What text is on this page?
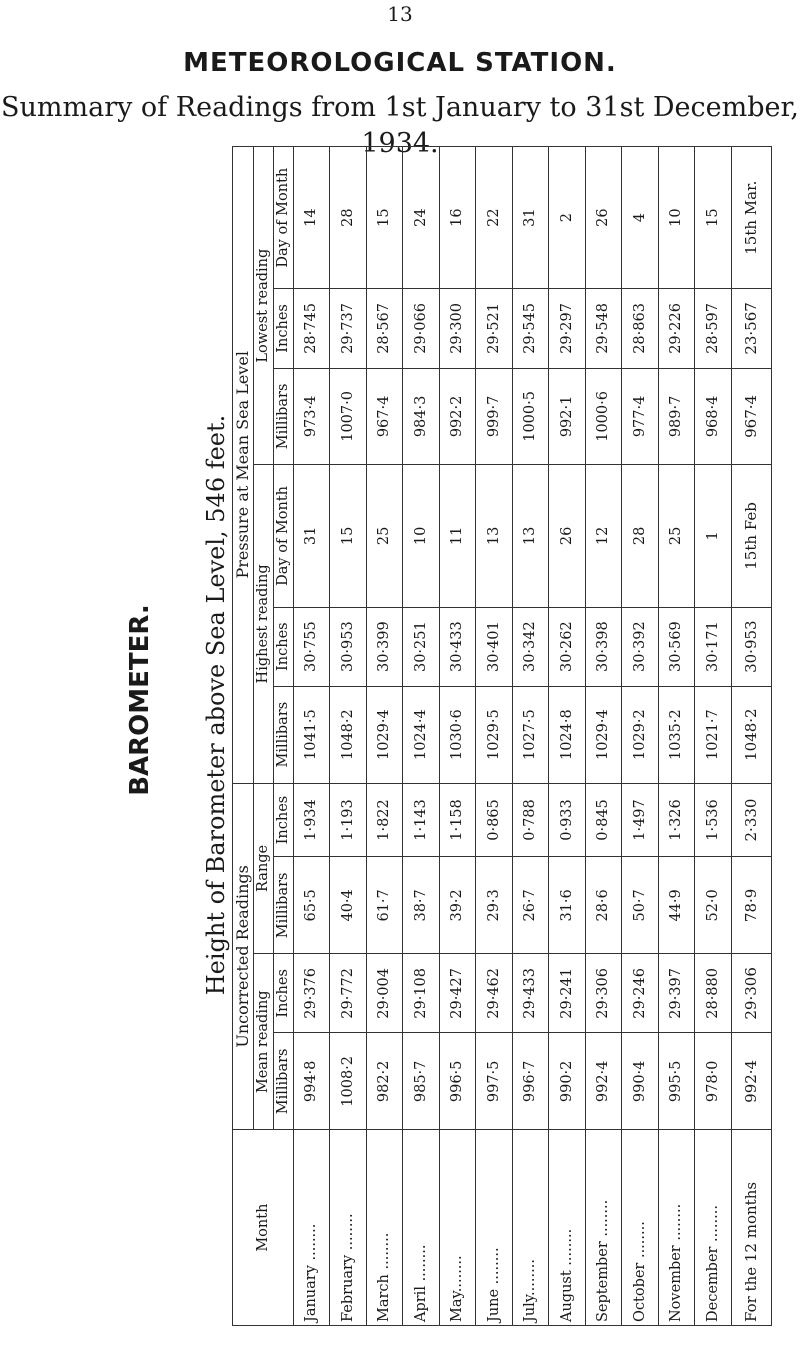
13
METEOROLOGICAL STATION.
Summary of Readings from 1st January to 31st December,
1934.
BAROMETER. Height of Barometer above Sea Level, 546 feet.
Month	Uncorrected Readings				Pressure at Mean Sea Level					
	Mean reading		Range		Highest reading			Lowest reading		
	Millibars	Inches	Millibars	Inches	Millibars	Inches	Day of Month	Millibars	Inches	Day of Month
January ........	994·8	29·376	65·5	1·934	1041·5	30·755	31	973·4	28·745	14
February ........	1008·2	29·772	40·4	1·193	1048·2	30·953	15	1007·0	29·737	28
March ........	982·2	29·004	61·7	1·822	1029·4	30·399	25	967·4	28·567	15
April ........	985·7	29·108	38·7	1·143	1024·4	30·251	10	984·3	29·066	24
May........	996·5	29·427	39·2	1·158	1030·6	30·433	11	992·2	29·300	16
June ........	997·5	29·462	29·3	0·865	1029·5	30·401	13	999·7	29·521	22
July........	996·7	29·433	26·7	0·788	1027·5	30·342	13	1000·5	29·545	31
August ........	990·2	29·241	31·6	0·933	1024·8	30·262	26	992·1	29·297	2
September ........	992·4	29·306	28·6	0·845	1029·4	30·398	12	1000·6	29·548	26
October ........	990·4	29·246	50·7	1·497	1029·2	30·392	28	977·4	28·863	4
November ........	995·5	29·397	44·9	1·326	1035·2	30·569	25	989·7	29·226	10
December ........	978·0	28·880	52·0	1·536	1021·7	30·171	1	968·4	28·597	15
For the 12 months	992·4	29·306	78·9	2·330	1048·2	30·953	15th Feb	967·4	23·567	15th Mar.
